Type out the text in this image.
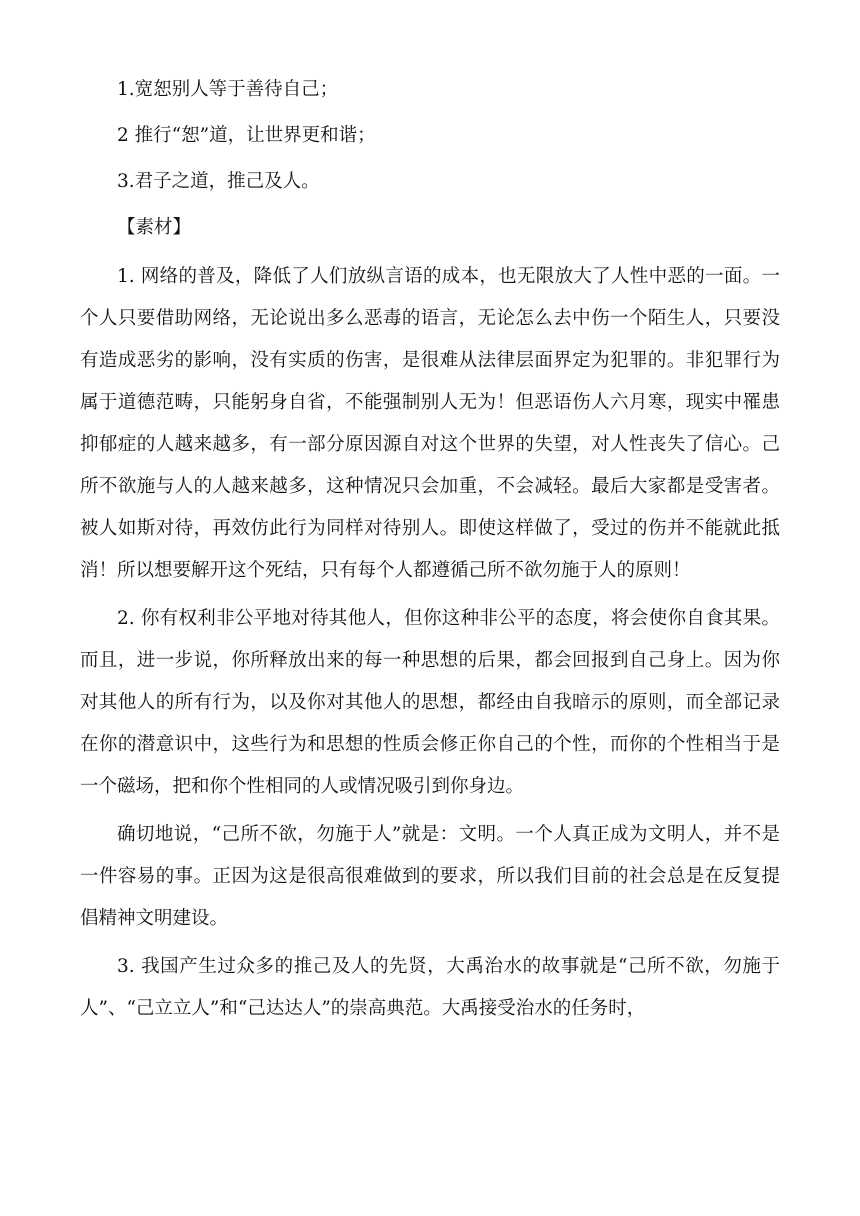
1.宽恕别人等于善待自己；
2 推行“恕”道，让世界更和谐；
3.君子之道，推己及人。
【素材】

1. 网络的普及，降低了人们放纵言语的成本，也无限放大了人性中恶的一面。一个人只要借助网络，无论说出多么恶毒的语言，无论怎么去中伤一个陌生人，只要没有造成恶劣的影响，没有实质的伤害，是很难从法律层面界定为犯罪的。非犯罪行为属于道德范畴，只能躬身自省，不能强制别人无为！但恶语伤人六月寒，现实中罹患抑郁症的人越来越多，有一部分原因源自对这个世界的失望，对人性丧失了信心。己所不欲施与人的人越来越多，这种情况只会加重，不会减轻。最后大家都是受害者。被人如斯对待，再效仿此行为同样对待别人。即使这样做了，受过的伤并不能就此抵消！所以想要解开这个死结，只有每个人都遵循己所不欲勿施于人的原则！

2. 你有权利非公平地对待其他人，但你这种非公平的态度，将会使你自食其果。而且，进一步说，你所释放出来的每一种思想的后果，都会回报到自己身上。因为你对其他人的所有行为，以及你对其他人的思想，都经由自我暗示的原则，而全部记录在你的潜意识中，这些行为和思想的性质会修正你自己的个性，而你的个性相当于是一个磁场，把和你个性相同的人或情况吸引到你身边。

确切地说，“己所不欲，勿施于人”就是：文明。一个人真正成为文明人，并不是一件容易的事。正因为这是很高很难做到的要求，所以我们目前的社会总是在反复提倡精神文明建设。

3. 我国产生过众多的推己及人的先贤，大禹治水的故事就是“己所不欲，勿施于人”、“己立立人”和“己达达人”的崇高典范。大禹接受治水的任务时，
